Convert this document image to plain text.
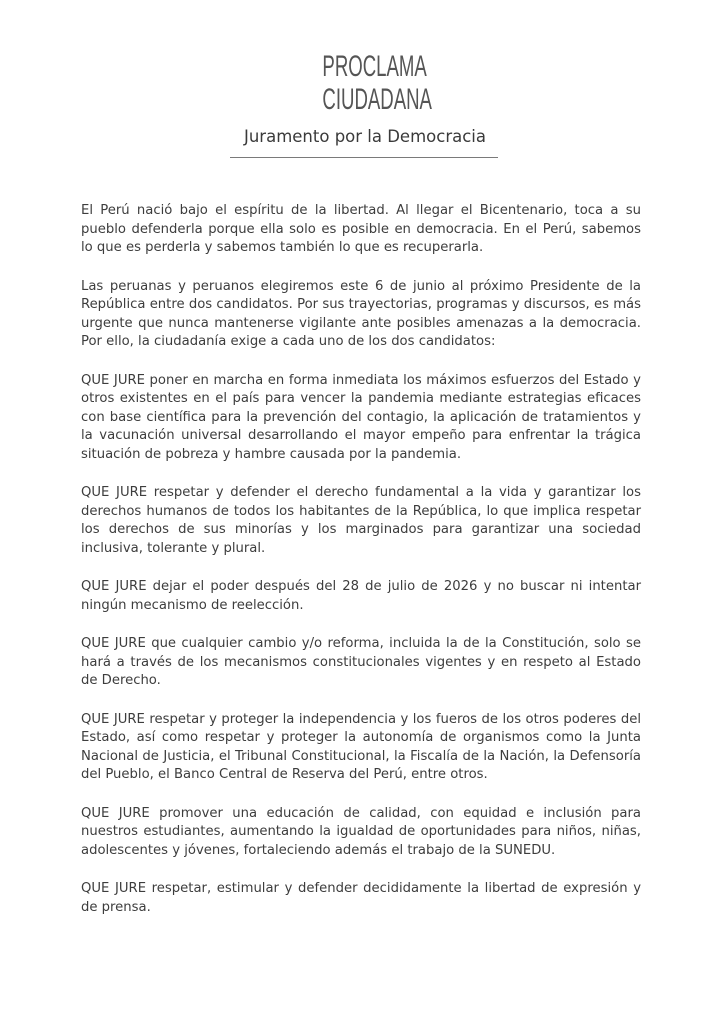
PROCLAMA
CIUDADANA
Juramento por la Democracia

El Perú nació bajo el espíritu de la libertad. Al llegar el Bicentenario, toca a su pueblo defenderla porque ella solo es posible en democracia. En el Perú, sabemos lo que es perderla y sabemos también lo que es recuperarla.

Las peruanas y peruanos elegiremos este 6 de junio al próximo Presidente de la República entre dos candidatos. Por sus trayectorias, programas y discursos, es más urgente que nunca mantenerse vigilante ante posibles amenazas a la democracia. Por ello, la ciudadanía exige a cada uno de los dos candidatos:

QUE JURE poner en marcha en forma inmediata los máximos esfuerzos del Estado y otros existentes en el país para vencer la pandemia mediante estrategias eficaces con base científica para la prevención del contagio, la aplicación de tratamientos y la vacunación universal desarrollando el mayor empeño para enfrentar la trágica situación de pobreza y hambre causada por la pandemia.

QUE JURE respetar y defender el derecho fundamental a la vida y garantizar los derechos humanos de todos los habitantes de la República, lo que implica respetar los derechos de sus minorías y los marginados para garantizar una sociedad inclusiva, tolerante y plural.

QUE JURE dejar el poder después del 28 de julio de 2026 y no buscar ni intentar ningún mecanismo de reelección.

QUE JURE que cualquier cambio y/o reforma, incluida la de la Constitución, solo se hará a través de los mecanismos constitucionales vigentes y en respeto al Estado de Derecho.

QUE JURE respetar y proteger la independencia y los fueros de los otros poderes del Estado, así como respetar y proteger la autonomía de organismos como la Junta Nacional de Justicia, el Tribunal Constitucional, la Fiscalía de la Nación, la Defensoría del Pueblo, el Banco Central de Reserva del Perú, entre otros.

QUE JURE promover una educación de calidad, con equidad e inclusión para nuestros estudiantes, aumentando la igualdad de oportunidades para niños, niñas, adolescentes y jóvenes, fortaleciendo además el trabajo de la SUNEDU.

QUE JURE respetar, estimular y defender decididamente la libertad de expresión y de prensa.
